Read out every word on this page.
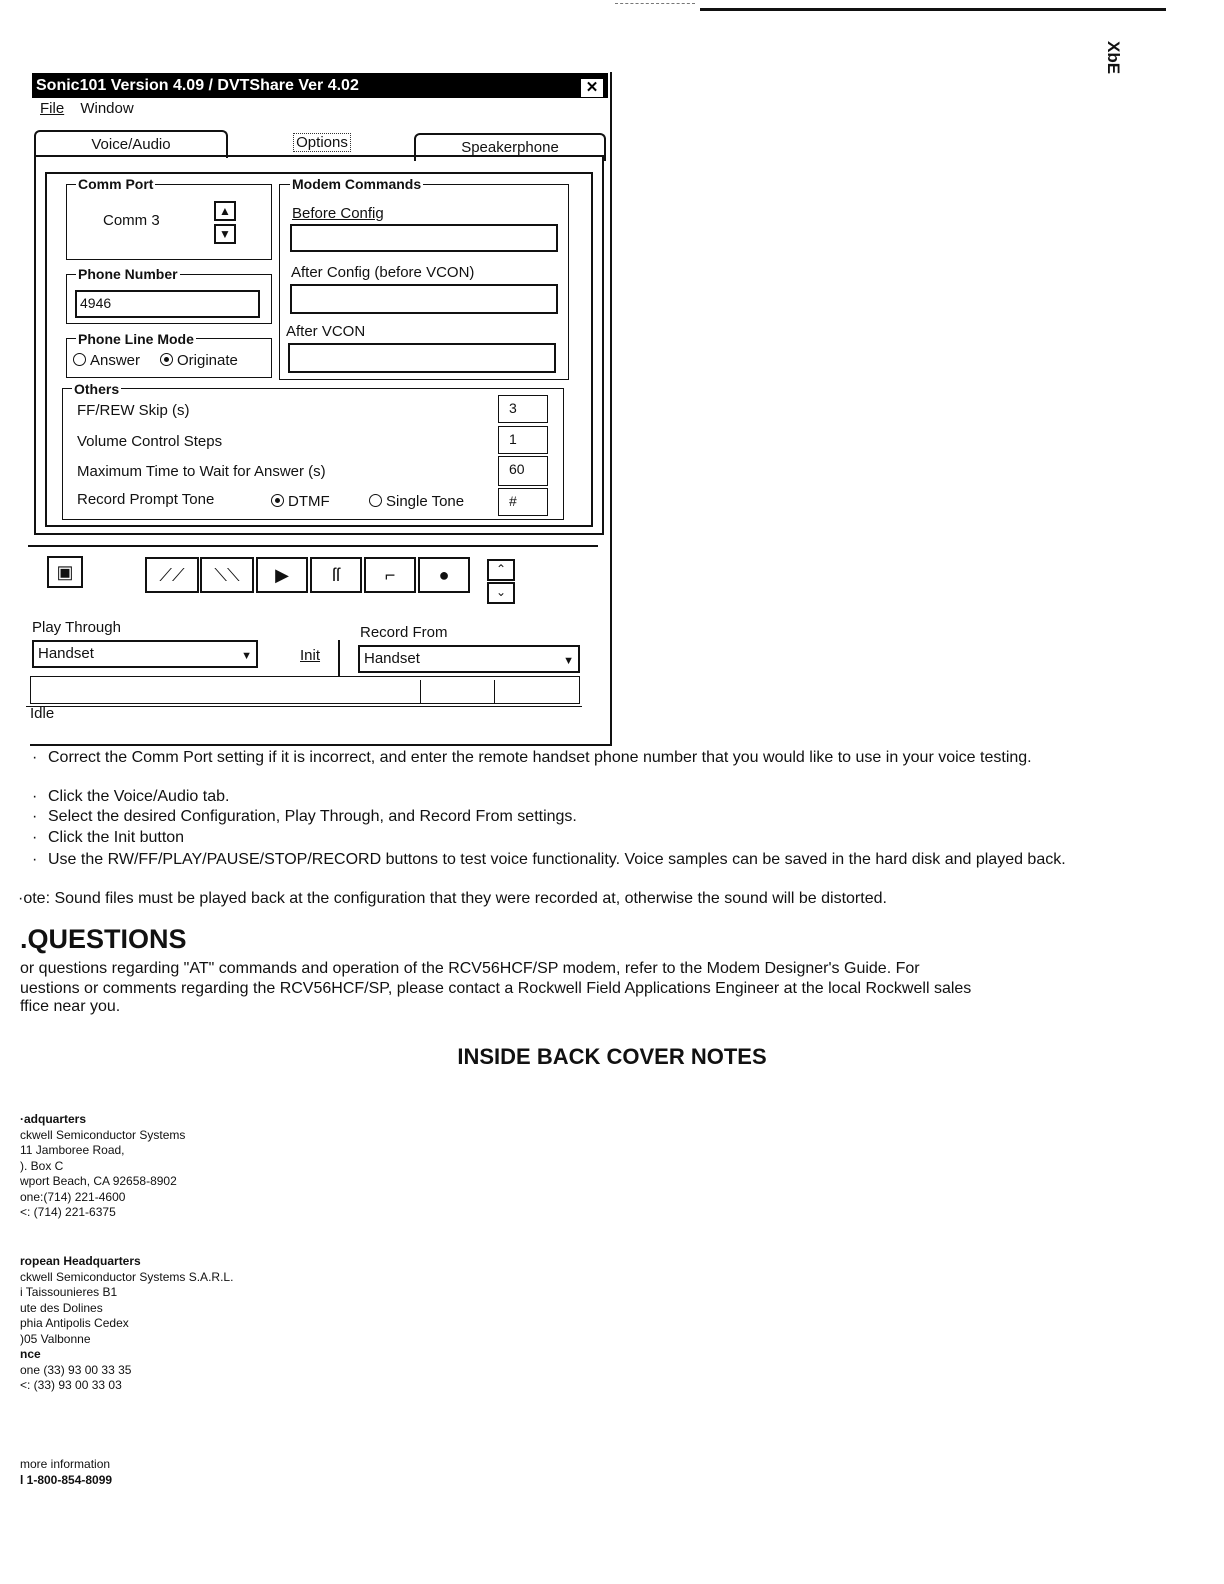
XbE
Sonic101 Version 4.09 / DVTShare Ver 4.02	✕
File Window
Voice/Audio	Options	Speakerphone
Comm Port
Comm 3
▲
▼
Phone Number
4946
Phone Line Mode
Answer	Originate
Modem Commands
Before Config
After Config (before VCON)
After VCON
Others
FF/REW Skip (s)	3
Volume Control Steps	1
Maximum Time to Wait for Answer (s)	60
Record Prompt Tone	DTMF	Single Tone	#
▣	⟋⟋	⟍⟍	▶	ſſ	⌐	●	⌃
⌄
Play Through
Handset	▼	Init
Record From
Handset	▼
Idle
· Correct the Comm Port setting if it is incorrect, and enter the remote handset phone number that you would like to use in your voice testing.
· Click the Voice/Audio tab.
· Select the desired Configuration, Play Through, and Record From settings.
· Click the Init button
· Use the RW/FF/PLAY/PAUSE/STOP/RECORD buttons to test voice functionality. Voice samples can be saved in the hard disk and played back.
·ote: Sound files must be played back at the configuration that they were recorded at, otherwise the sound will be distorted.
.QUESTIONS
or questions regarding "AT" commands and operation of the RCV56HCF/SP modem, refer to the Modem Designer's Guide. For
uestions or comments regarding the RCV56HCF/SP, please contact a Rockwell Field Applications Engineer at the local Rockwell sales
ffice near you.
INSIDE BACK COVER NOTES
·adquarters
ckwell Semiconductor Systems
11 Jamboree Road,
). Box C
wport Beach, CA 92658-8902
one:(714) 221-4600
<: (714) 221-6375
ropean Headquarters
ckwell Semiconductor Systems S.A.R.L.
i Taissounieres B1
ute des Dolines
phia Antipolis Cedex
)05 Valbonne
nce
one (33) 93 00 33 35
<: (33) 93 00 33 03
more information
l 1-800-854-8099
